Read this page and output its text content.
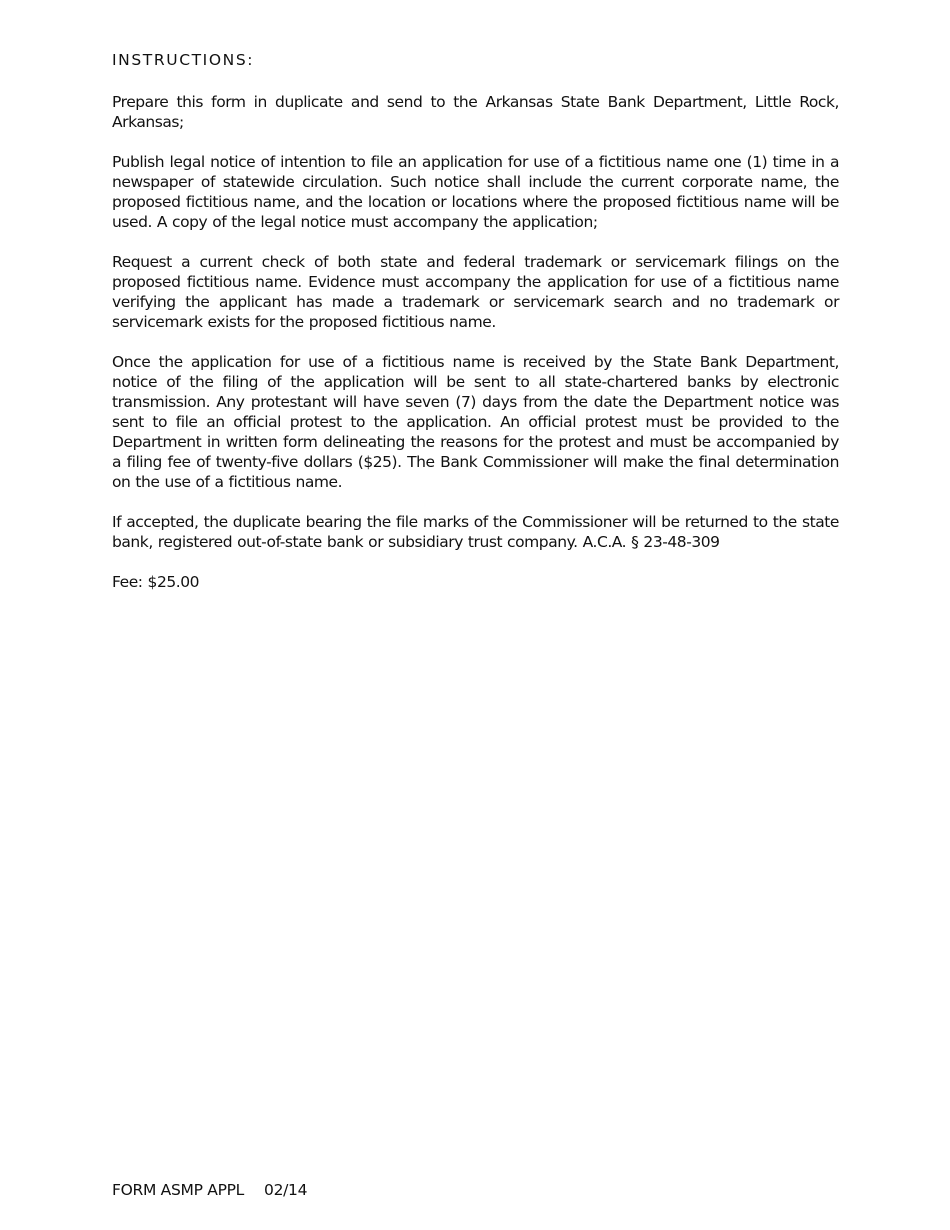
INSTRUCTIONS:

Prepare this form in duplicate and send to the Arkansas State Bank Department, Little Rock, Arkansas;

Publish legal notice of intention to file an application for use of a fictitious name one (1) time in a newspaper of statewide circulation. Such notice shall include the current corporate name, the proposed fictitious name, and the location or locations where the proposed fictitious name will be used. A copy of the legal notice must accompany the application;

Request a current check of both state and federal trademark or servicemark filings on the proposed fictitious name. Evidence must accompany the application for use of a fictitious name verifying the applicant has made a trademark or servicemark search and no trademark or servicemark exists for the proposed fictitious name.

Once the application for use of a fictitious name is received by the State Bank Department, notice of the filing of the application will be sent to all state-chartered banks by electronic transmission. Any protestant will have seven (7) days from the date the Department notice was sent to file an official protest to the application. An official protest must be provided to the Department in written form delineating the reasons for the protest and must be accompanied by a filing fee of twenty-five dollars ($25). The Bank Commissioner will make the final determination on the use of a fictitious name.

If accepted, the duplicate bearing the file marks of the Commissioner will be returned to the state bank, registered out-of-state bank or subsidiary trust company. A.C.A. § 23-48-309

Fee: $25.00

FORM ASMP APPL 02/14
